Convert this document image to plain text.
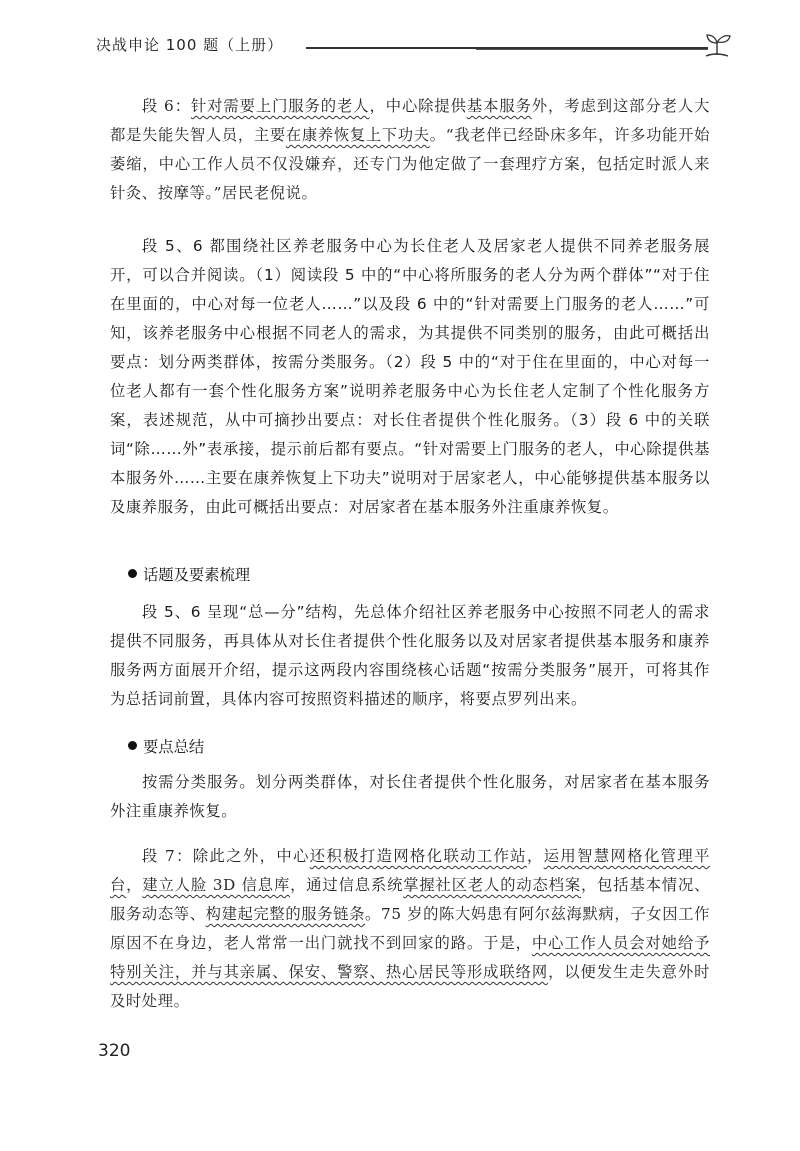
决战申论 100 题（上册）
段 6：针对需要上门服务的老人，中心除提供基本服务外，考虑到这部分老人大都是失能失智人员，主要在康养恢复上下功夫。“我老伴已经卧床多年，许多功能开始萎缩，中心工作人员不仅没嫌弃，还专门为他定做了一套理疗方案，包括定时派人来针灸、按摩等。”居民老倪说。
段 5、6 都围绕社区养老服务中心为长住老人及居家老人提供不同养老服务展开，可以合并阅读。（1）阅读段 5 中的“中心将所服务的老人分为两个群体”“对于住在里面的，中心对每一位老人……”以及段 6 中的“针对需要上门服务的老人……”可知，该养老服务中心根据不同老人的需求，为其提供不同类别的服务，由此可概括出要点：划分两类群体，按需分类服务。（2）段 5 中的“对于住在里面的，中心对每一位老人都有一套个性化服务方案”说明养老服务中心为长住老人定制了个性化服务方案，表述规范，从中可摘抄出要点：对长住者提供个性化服务。（3）段 6 中的关联词“除……外”表承接，提示前后都有要点。“针对需要上门服务的老人，中心除提供基本服务外……主要在康养恢复上下功夫”说明对于居家老人，中心能够提供基本服务以及康养服务，由此可概括出要点：对居家者在基本服务外注重康养恢复。
话题及要素梳理
段 5、6 呈现“总—分”结构，先总体介绍社区养老服务中心按照不同老人的需求提供不同服务，再具体从对长住者提供个性化服务以及对居家者提供基本服务和康养服务两方面展开介绍，提示这两段内容围绕核心话题“按需分类服务”展开，可将其作为总括词前置，具体内容可按照资料描述的顺序，将要点罗列出来。
要点总结
按需分类服务。划分两类群体，对长住者提供个性化服务，对居家者在基本服务外注重康养恢复。
段 7：除此之外，中心还积极打造网格化联动工作站，运用智慧网格化管理平台，建立人脸 3D 信息库，通过信息系统掌握社区老人的动态档案，包括基本情况、服务动态等、构建起完整的服务链条。75 岁的陈大妈患有阿尔兹海默病，子女因工作原因不在身边，老人常常一出门就找不到回家的路。于是，中心工作人员会对她给予特别关注，并与其亲属、保安、警察、热心居民等形成联络网，以便发生走失意外时及时处理。
320
